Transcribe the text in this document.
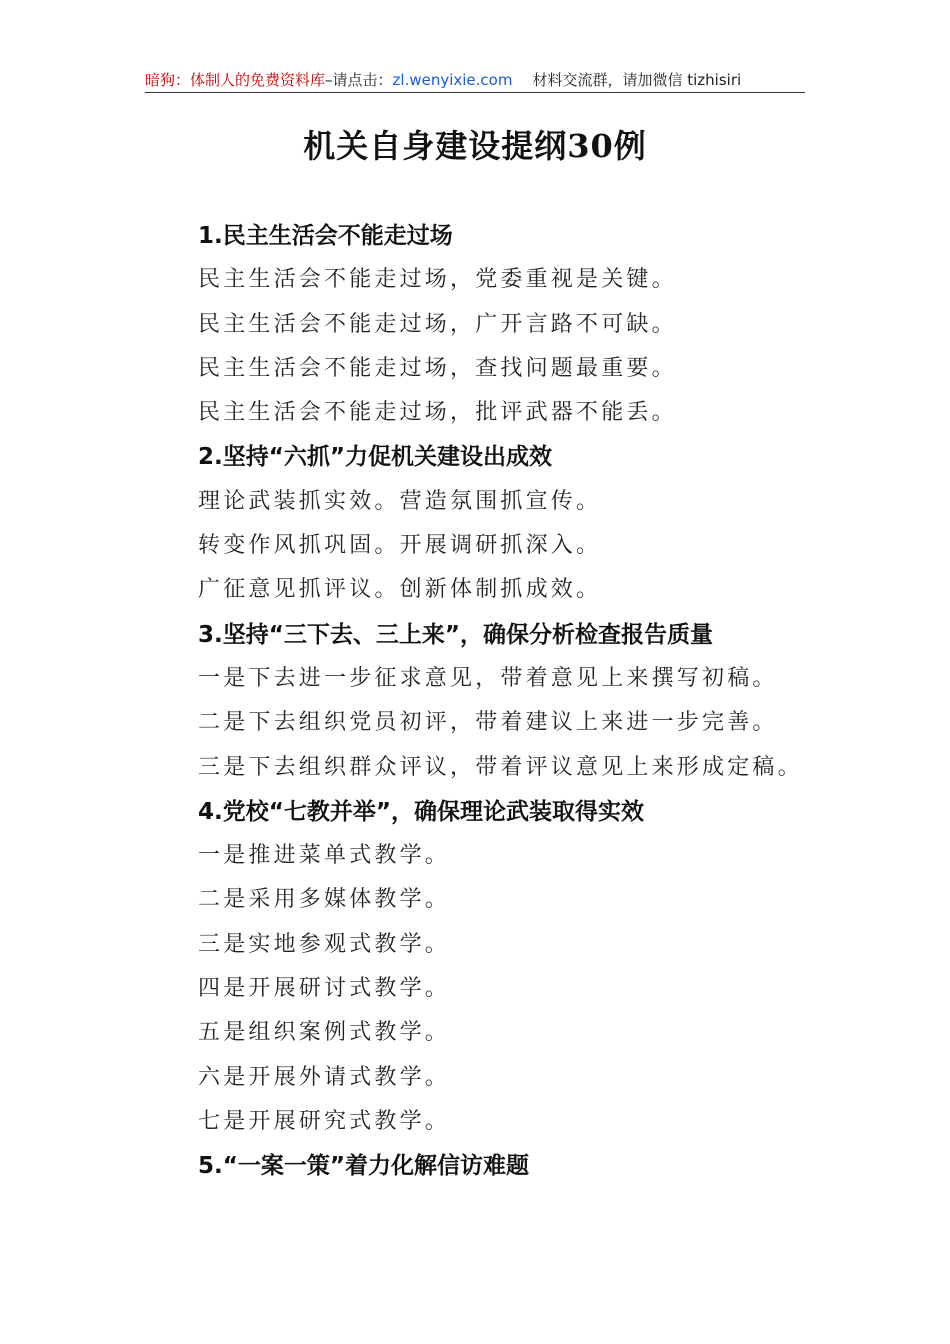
暗狗：体制人的免费资料库–请点击：zl.wenyixie.com 材料交流群，请加微信 tizhisiri
机关自身建设提纲30例
1.民主生活会不能走过场
民主生活会不能走过场，党委重视是关键。
民主生活会不能走过场，广开言路不可缺。
民主生活会不能走过场，查找问题最重要。
民主生活会不能走过场，批评武器不能丢。
2.坚持“六抓”力促机关建设出成效
理论武装抓实效。营造氛围抓宣传。
转变作风抓巩固。开展调研抓深入。
广征意见抓评议。创新体制抓成效。
3.坚持“三下去、三上来”，确保分析检查报告质量
一是下去进一步征求意见，带着意见上来撰写初稿。
二是下去组织党员初评，带着建议上来进一步完善。
三是下去组织群众评议，带着评议意见上来形成定稿。
4.党校“七教并举”，确保理论武装取得实效
一是推进菜单式教学。
二是采用多媒体教学。
三是实地参观式教学。
四是开展研讨式教学。
五是组织案例式教学。
六是开展外请式教学。
七是开展研究式教学。
5.“一案一策”着力化解信访难题
